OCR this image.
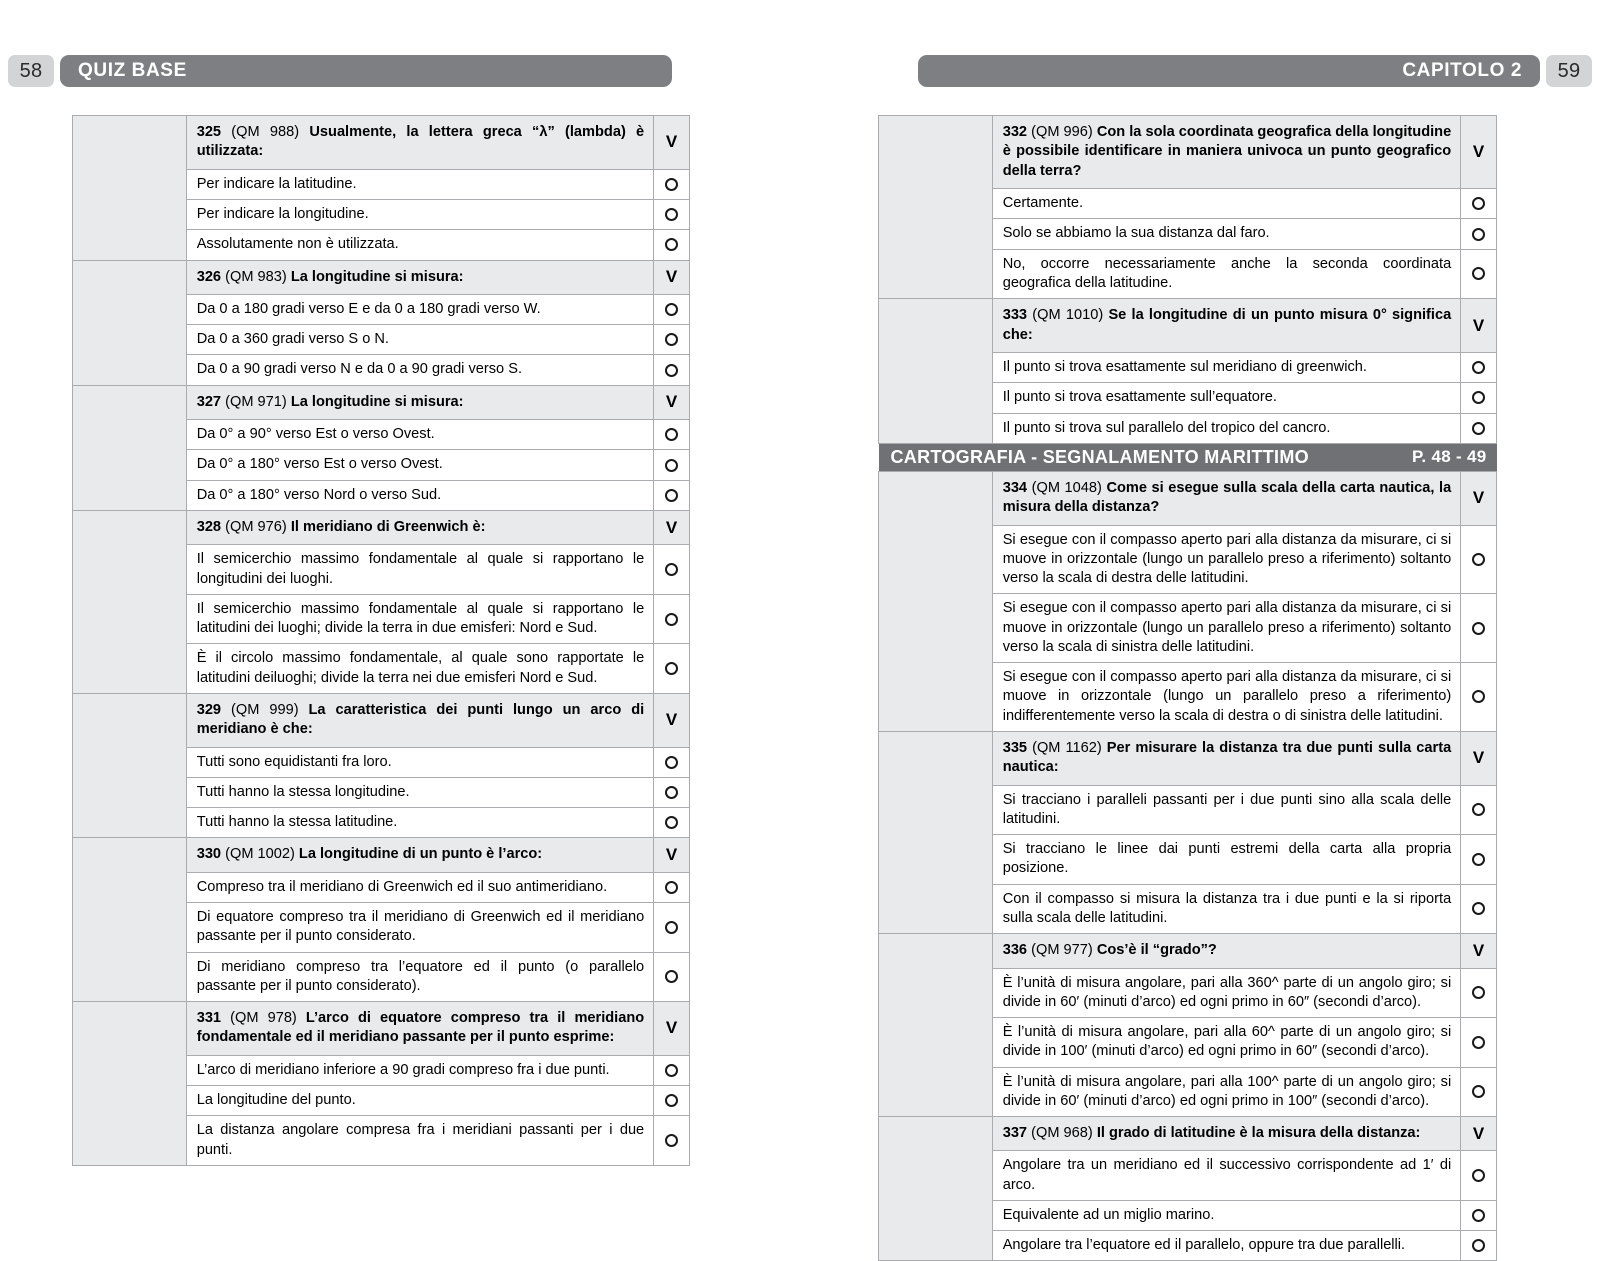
58	QUIZ BASE
	325 (QM 988) Usualmente, la lettera greca “λ” (lambda) è utilizzata:	V
	Per indicare la latitudine.	
	Per indicare la longitudine.	
	Assolutamente non è utilizzata.	
	326 (QM 983) La longitudine si misura:	V
	Da 0 a 180 gradi verso E e da 0 a 180 gradi verso W.	
	Da 0 a 360 gradi verso S o N.	
	Da 0 a 90 gradi verso N e da 0 a 90 gradi verso S.	
	327 (QM 971) La longitudine si misura:	V
	Da 0° a 90° verso Est o verso Ovest.	
	Da 0° a 180° verso Est o verso Ovest.	
	Da 0° a 180° verso Nord o verso Sud.	
	328 (QM 976) Il meridiano di Greenwich è:	V
	Il semicerchio massimo fondamentale al quale si rapportano le longitudini dei luoghi.	
	Il semicerchio massimo fondamentale al quale si rapportano le latitudini dei luoghi; divide la terra in due emisferi: Nord e Sud.	
	È il circolo massimo fondamentale, al quale sono rapportate le latitudini deiluoghi; divide la terra nei due emisferi Nord e Sud.	
	329 (QM 999) La caratteristica dei punti lungo un arco di meridiano è che:	V
	Tutti sono equidistanti fra loro.	
	Tutti hanno la stessa longitudine.	
	Tutti hanno la stessa latitudine.	
	330 (QM 1002) La longitudine di un punto è l’arco:	V
	Compreso tra il meridiano di Greenwich ed il suo antimeridiano.	
	Di equatore compreso tra il meridiano di Greenwich ed il meridiano passante per il punto considerato.	
	Di meridiano compreso tra l’equatore ed il punto (o parallelo passante per il punto considerato).	
	331 (QM 978) L’arco di equatore compreso tra il meridiano fondamentale ed il meridiano passante per il punto esprime:	V
	L’arco di meridiano inferiore a 90 gradi compreso fra i due punti.	
	La longitudine del punto.	
	La distanza angolare compresa fra i meridiani passanti per i due punti.	
CAPITOLO 2	59
	332 (QM 996) Con la sola coordinata geografica della longitudine è possibile identificare in maniera univoca un punto geografico della terra?	V
	Certamente.	
	Solo se abbiamo la sua distanza dal faro.	
	No, occorre necessariamente anche la seconda coordinata geografica della latitudine.	
	333 (QM 1010) Se la longitudine di un punto misura 0° significa che:	V
	Il punto si trova esattamente sul meridiano di greenwich.	
	Il punto si trova esattamente sull’equatore.	
	Il punto si trova sul parallelo del tropico del cancro.	

CARTOGRAFIA - SEGNALAMENTO MARITTIMO P. 48 - 49		

	334 (QM 1048) Come si esegue sulla scala della carta nautica, la misura della distanza?	V
	Si esegue con il compasso aperto pari alla distanza da misurare, ci si muove in orizzontale (lungo un parallelo preso a riferimento) soltanto verso la scala di destra delle latitudini.	
	Si esegue con il compasso aperto pari alla distanza da misurare, ci si muove in orizzontale (lungo un parallelo preso a riferimento) soltanto verso la scala di sinistra delle latitudini.	
	Si esegue con il compasso aperto pari alla distanza da misurare, ci si muove in orizzontale (lungo un parallelo preso a riferimento) indifferentemente verso la scala di destra o di sinistra delle latitudini.	
	335 (QM 1162) Per misurare la distanza tra due punti sulla carta nautica:	V
	Si tracciano i paralleli passanti per i due punti sino alla scala delle latitudini.	
	Si tracciano le linee dai punti estremi della carta alla propria posizione.	
	Con il compasso si misura la distanza tra i due punti e la si riporta sulla scala delle latitudini.	
	336 (QM 977) Cos’è il “grado”?	V
	È l’unità di misura angolare, pari alla 360^ parte di un angolo giro; si divide in 60′ (minuti d’arco) ed ogni primo in 60″ (secondi d’arco).	
	È l’unità di misura angolare, pari alla 60^ parte di un angolo giro; si divide in 100′ (minuti d’arco) ed ogni primo in 60″ (secondi d’arco).	
	È l’unità di misura angolare, pari alla 100^ parte di un angolo giro; si divide in 60′ (minuti d’arco) ed ogni primo in 100″ (secondi d’arco).	
	337 (QM 968) Il grado di latitudine è la misura della distanza:	V
	Angolare tra un meridiano ed il successivo corrispondente ad 1′ di arco.	
	Equivalente ad un miglio marino.	
	Angolare tra l’equatore ed il parallelo, oppure tra due parallelli.	
